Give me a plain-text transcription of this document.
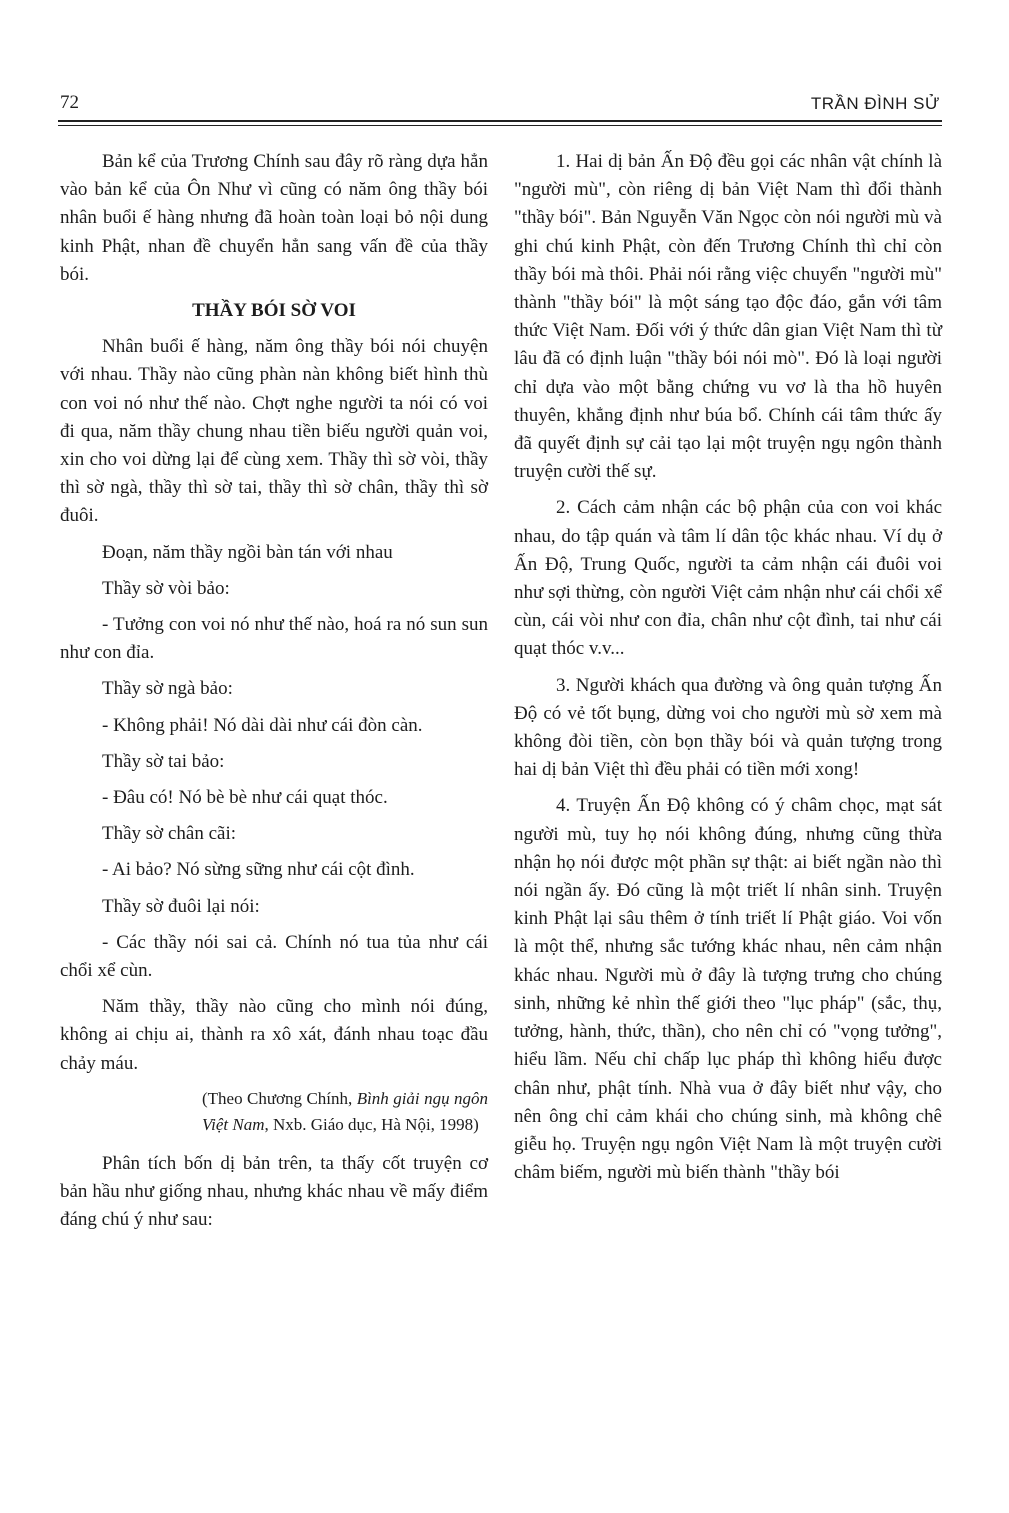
72	TRẦN ĐÌNH SỬ

Bản kể của Trương Chính sau đây rõ ràng dựa hẳn vào bản kể của Ôn Như vì cũng có năm ông thầy bói nhân buổi ế hàng nhưng đã hoàn toàn loại bỏ nội dung kinh Phật, nhan đề chuyển hẳn sang vấn đề của thầy bói.

THẦY BÓI SỜ VOI

Nhân buổi ế hàng, năm ông thầy bói nói chuyện với nhau. Thầy nào cũng phàn nàn không biết hình thù con voi nó như thế nào. Chợt nghe người ta nói có voi đi qua, năm thầy chung nhau tiền biếu người quản voi, xin cho voi dừng lại để cùng xem. Thầy thì sờ vòi, thầy thì sờ ngà, thầy thì sờ tai, thầy thì sờ chân, thầy thì sờ đuôi.

Đoạn, năm thầy ngồi bàn tán với nhau

Thầy sờ vòi bảo:

- Tưởng con voi nó như thế nào, hoá ra nó sun sun như con đỉa.

Thầy sờ ngà bảo:

- Không phải! Nó dài dài như cái đòn càn.

Thầy sờ tai bảo:

- Đâu có! Nó bè bè như cái quạt thóc.

Thầy sờ chân cãi:

- Ai bảo? Nó sừng sững như cái cột đình.

Thầy sờ đuôi lại nói:

- Các thầy nói sai cả. Chính nó tua tủa như cái chổi xể cùn.

Năm thầy, thầy nào cũng cho mình nói đúng, không ai chịu ai, thành ra xô xát, đánh nhau toạc đầu chảy máu.

(Theo Chương Chính, Bình giải ngụ ngôn Việt Nam, Nxb. Giáo dục, Hà Nội, 1998)

Phân tích bốn dị bản trên, ta thấy cốt truyện cơ bản hầu như giống nhau, nhưng khác nhau về mấy điểm đáng chú ý như sau:

1. Hai dị bản Ấn Độ đều gọi các nhân vật chính là "người mù", còn riêng dị bản Việt Nam thì đổi thành "thầy bói". Bản Nguyễn Văn Ngọc còn nói người mù và ghi chú kinh Phật, còn đến Trương Chính thì chỉ còn thầy bói mà thôi. Phải nói rằng việc chuyển "người mù" thành "thầy bói" là một sáng tạo độc đáo, gắn với tâm thức Việt Nam. Đối với ý thức dân gian Việt Nam thì từ lâu đã có định luận "thầy bói nói mò". Đó là loại người chỉ dựa vào một bằng chứng vu vơ là tha hồ huyên thuyên, khẳng định như búa bổ. Chính cái tâm thức ấy đã quyết định sự cải tạo lại một truyện ngụ ngôn thành truyện cười thế sự.

2. Cách cảm nhận các bộ phận của con voi khác nhau, do tập quán và tâm lí dân tộc khác nhau. Ví dụ ở Ấn Độ, Trung Quốc, người ta cảm nhận cái đuôi voi như sợi thừng, còn người Việt cảm nhận như cái chổi xể cùn, cái vòi như con đỉa, chân như cột đình, tai như cái quạt thóc v.v...

3. Người khách qua đường và ông quản tượng Ấn Độ có vẻ tốt bụng, dừng voi cho người mù sờ xem mà không đòi tiền, còn bọn thầy bói và quản tượng trong hai dị bản Việt thì đều phải có tiền mới xong!

4. Truyện Ấn Độ không có ý châm chọc, mạt sát người mù, tuy họ nói không đúng, nhưng cũng thừa nhận họ nói được một phần sự thật: ai biết ngần nào thì nói ngần ấy. Đó cũng là một triết lí nhân sinh. Truyện kinh Phật lại sâu thêm ở tính triết lí Phật giáo. Voi vốn là một thể, nhưng sắc tướng khác nhau, nên cảm nhận khác nhau. Người mù ở đây là tượng trưng cho chúng sinh, những kẻ nhìn thế giới theo "lục pháp" (sắc, thụ, tưởng, hành, thức, thần), cho nên chỉ có "vọng tưởng", hiểu lầm. Nếu chỉ chấp lục pháp thì không hiểu được chân như, phật tính. Nhà vua ở đây biết như vậy, cho nên ông chỉ cảm khái cho chúng sinh, mà không chê giễu họ. Truyện ngụ ngôn Việt Nam là một truyện cười châm biếm, người mù biến thành "thầy bói
